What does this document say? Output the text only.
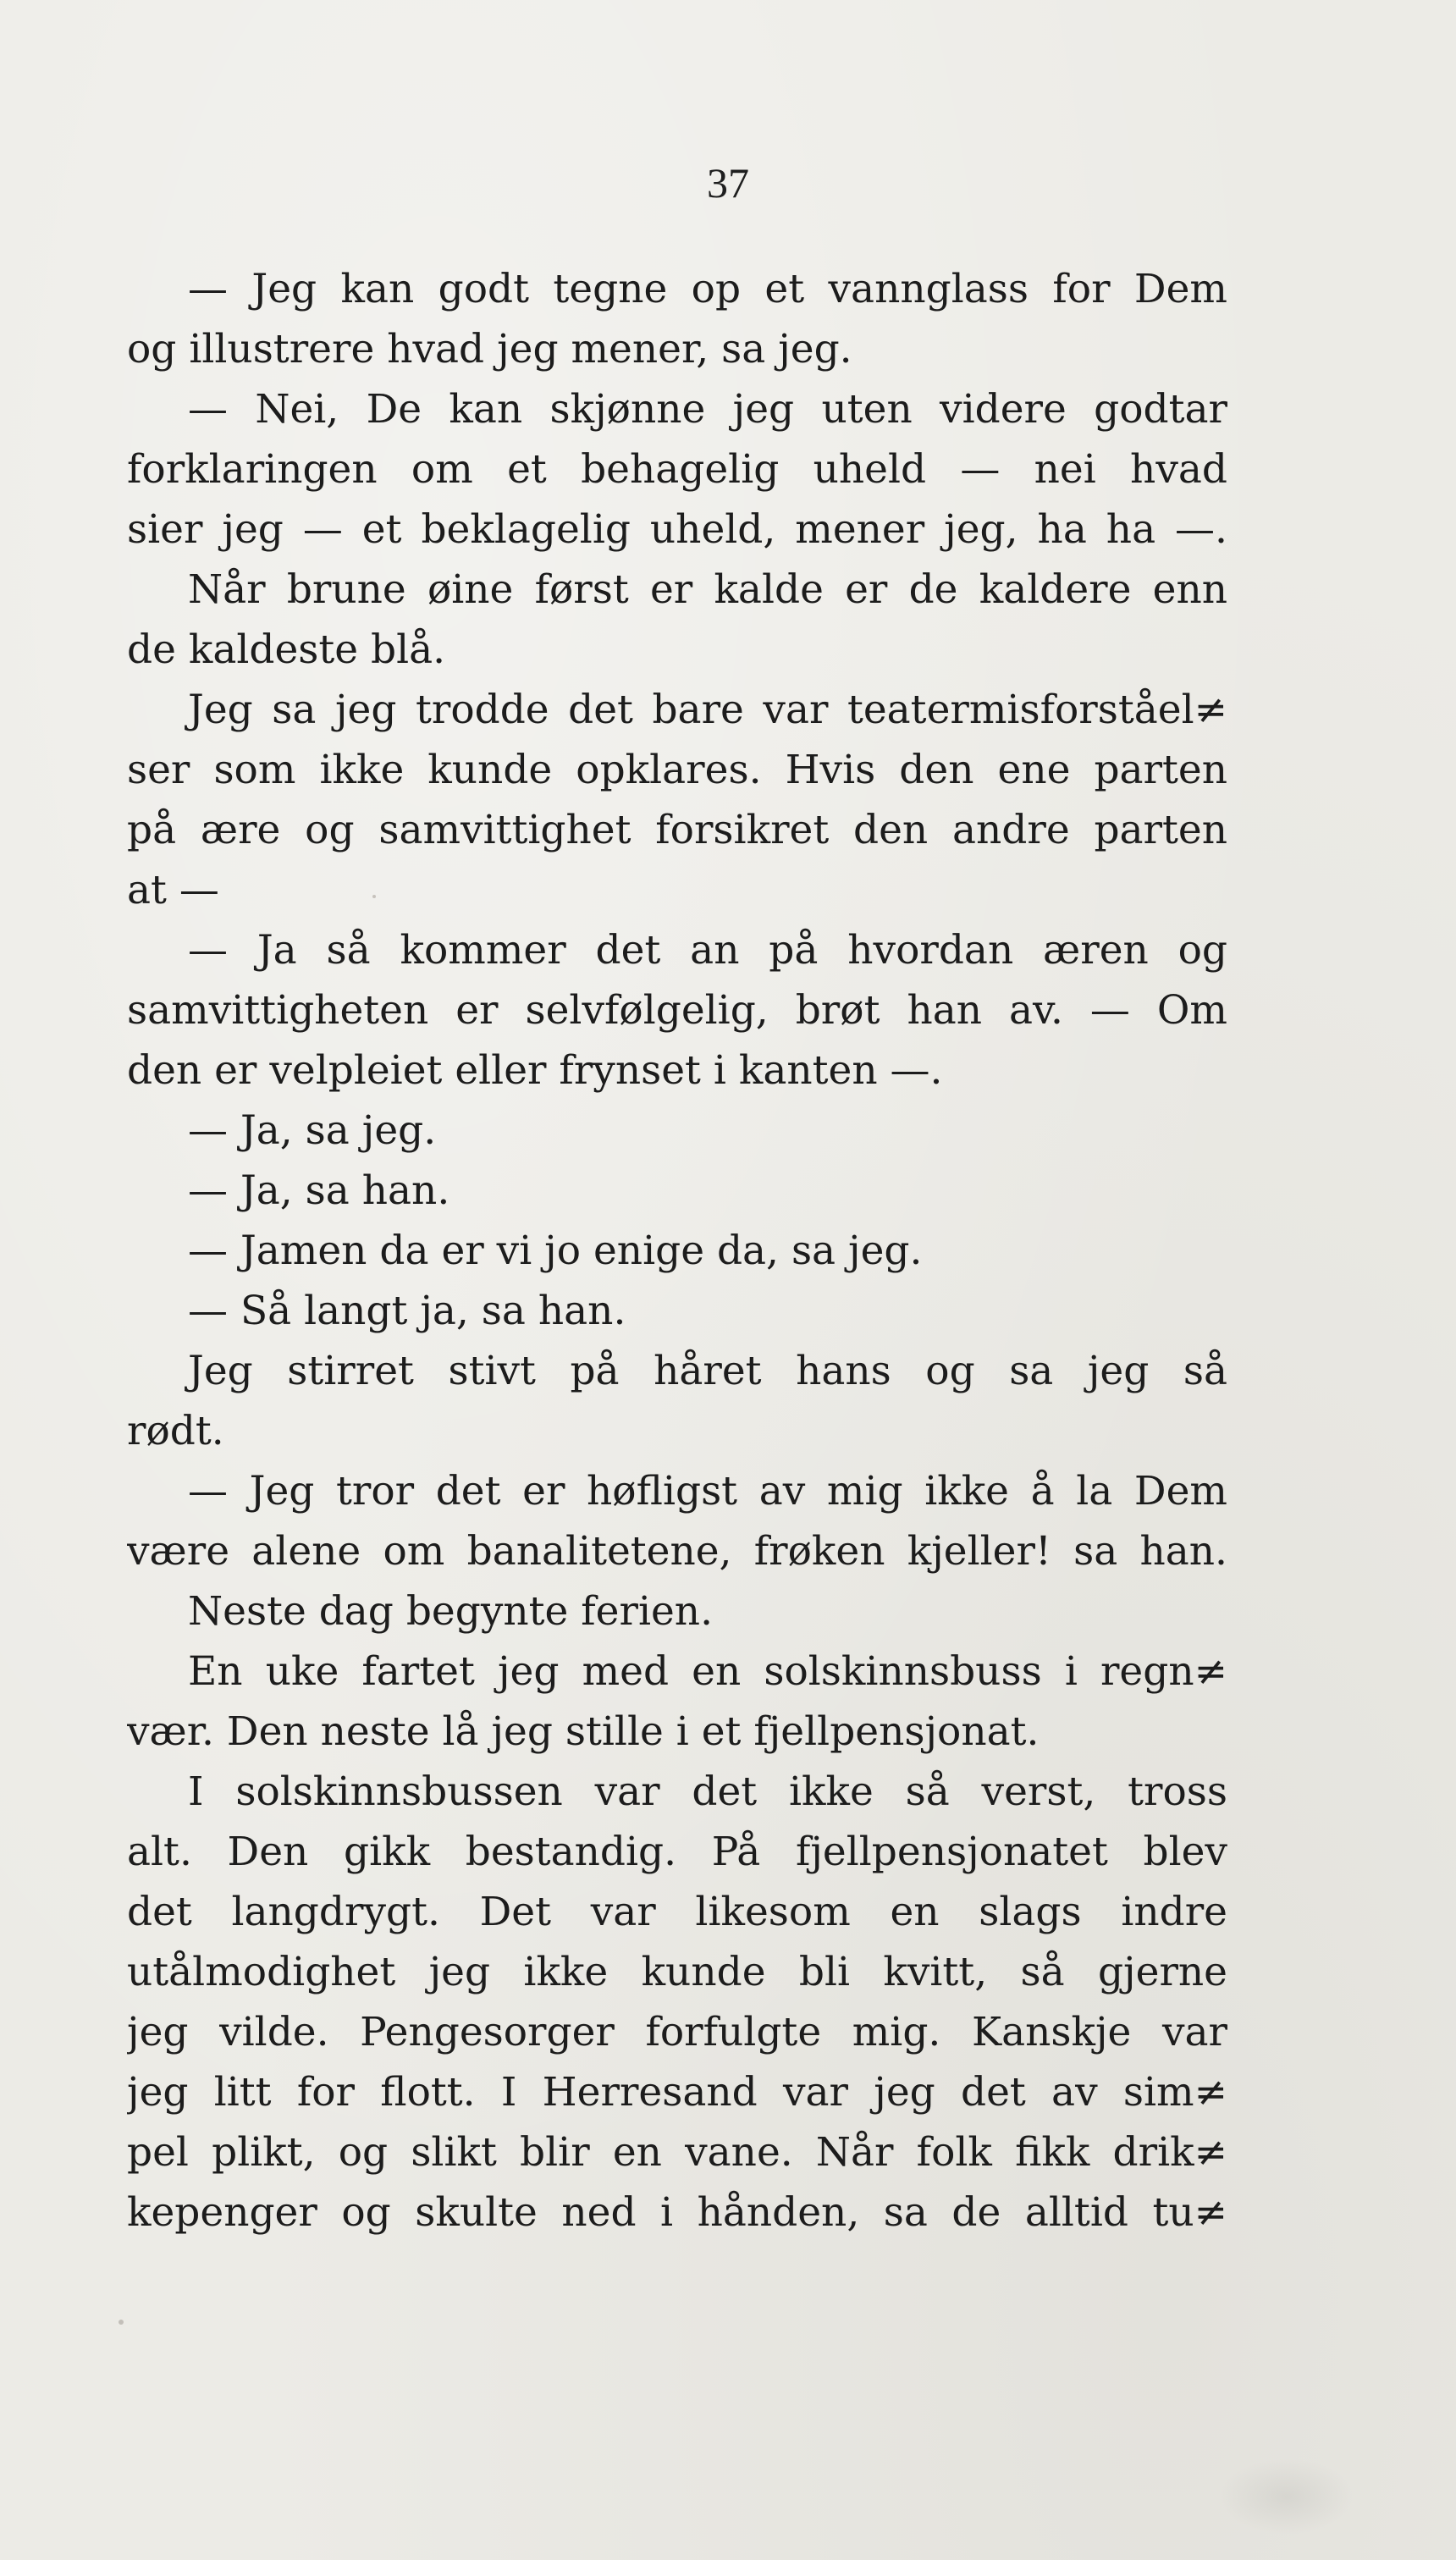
37
— Jeg kan godt tegne op et vannglass for Dem
og illustrere hvad jeg mener, sa jeg.
— Nei, De kan skjønne jeg uten videre godtar
forklaringen om et behagelig uheld — nei hvad
sier jeg — et beklagelig uheld, mener jeg, ha ha —.
Når brune øine først er kalde er de kaldere enn
de kaldeste blå.
Jeg sa jeg trodde det bare var teatermisforståel≠
ser som ikke kunde opklares. Hvis den ene parten
på ære og samvittighet forsikret den andre parten
at —
— Ja så kommer det an på hvordan æren og
samvittigheten er selvfølgelig, brøt han av. — Om
den er velpleiet eller frynset i kanten —.
— Ja, sa jeg.
— Ja, sa han.
— Jamen da er vi jo enige da, sa jeg.
— Så langt ja, sa han.
Jeg stirret stivt på håret hans og sa jeg så
rødt.
— Jeg tror det er høfligst av mig ikke å la Dem
være alene om banalitetene, frøken kjeller! sa han.
Neste dag begynte ferien.
En uke fartet jeg med en solskinnsbuss i regn≠
vær. Den neste lå jeg stille i et fjellpensjonat.
I solskinnsbussen var det ikke så verst, tross
alt. Den gikk bestandig. På fjellpensjonatet blev
det langdrygt. Det var likesom en slags indre
utålmodighet jeg ikke kunde bli kvitt, så gjerne
jeg vilde. Pengesorger forfulgte mig. Kanskje var
jeg litt for flott. I Herresand var jeg det av sim≠
pel plikt, og slikt blir en vane. Når folk fikk drik≠
kepenger og skulte ned i hånden, sa de alltid tu≠
